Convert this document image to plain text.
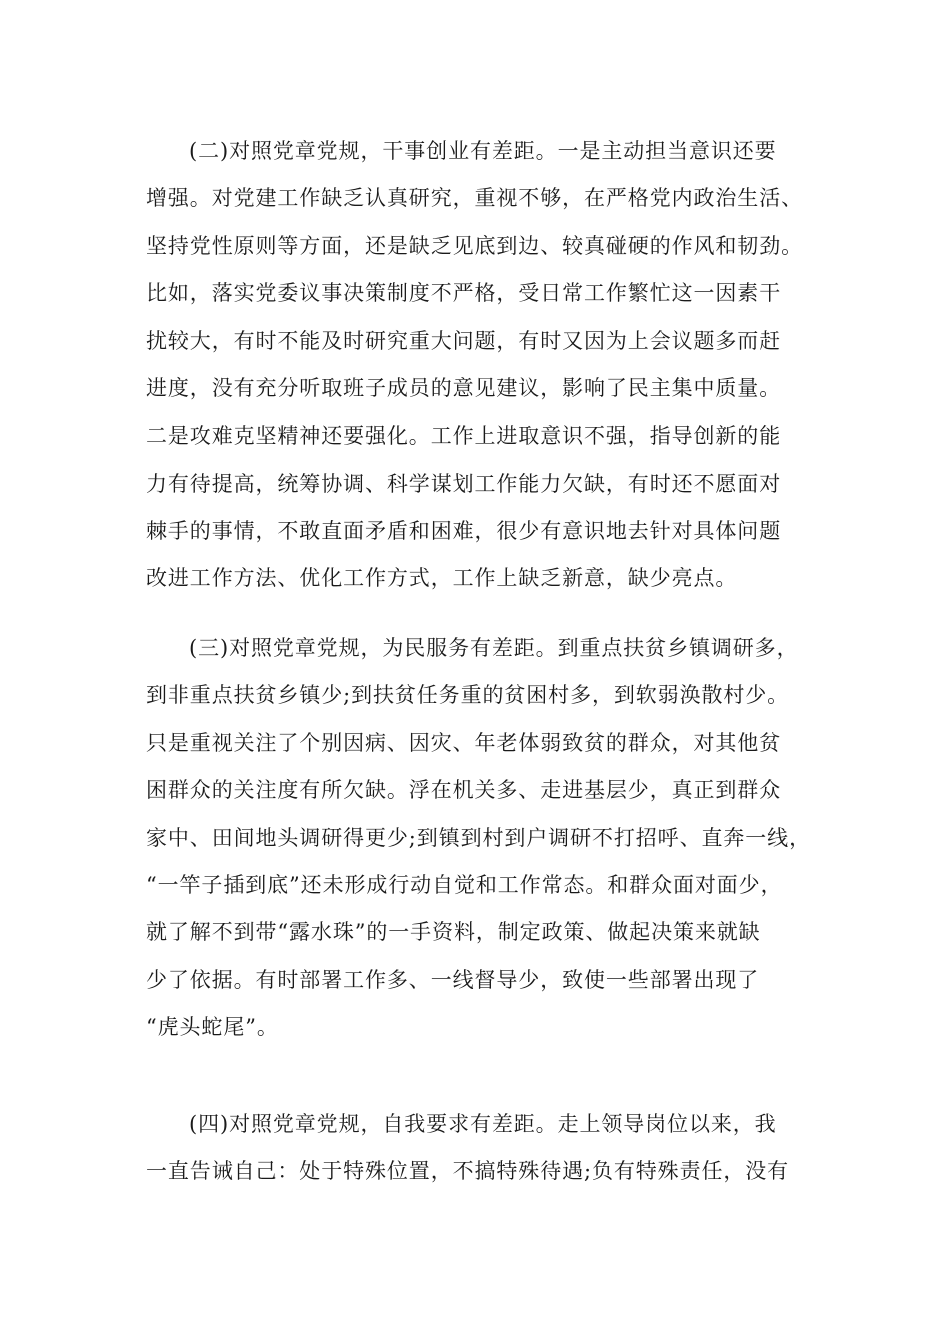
(二)对照党章党规，干事创业有差距。一是主动担当意识还要

增强。对党建工作缺乏认真研究，重视不够，在严格党内政治生活、

坚持党性原则等方面，还是缺乏见底到边、较真碰硬的作风和韧劲。

比如，落实党委议事决策制度不严格，受日常工作繁忙这一因素干

扰较大，有时不能及时研究重大问题，有时又因为上会议题多而赶

进度，没有充分听取班子成员的意见建议，影响了民主集中质量。

二是攻难克坚精神还要强化。工作上进取意识不强，指导创新的能

力有待提高，统筹协调、科学谋划工作能力欠缺，有时还不愿面对

棘手的事情，不敢直面矛盾和困难，很少有意识地去针对具体问题

改进工作方法、优化工作方式，工作上缺乏新意，缺少亮点。

(三)对照党章党规，为民服务有差距。到重点扶贫乡镇调研多，

到非重点扶贫乡镇少;到扶贫任务重的贫困村多，到软弱涣散村少。

只是重视关注了个别因病、因灾、年老体弱致贫的群众，对其他贫

困群众的关注度有所欠缺。浮在机关多、走进基层少，真正到群众

家中、田间地头调研得更少;到镇到村到户调研不打招呼、直奔一线，

“一竿子插到底”还未形成行动自觉和工作常态。和群众面对面少，

就了解不到带“露水珠”的一手资料，制定政策、做起决策来就缺

少了依据。有时部署工作多、一线督导少，致使一些部署出现了

“虎头蛇尾”。

(四)对照党章党规，自我要求有差距。走上领导岗位以来，我

一直告诫自己：处于特殊位置，不搞特殊待遇;负有特殊责任，没有
